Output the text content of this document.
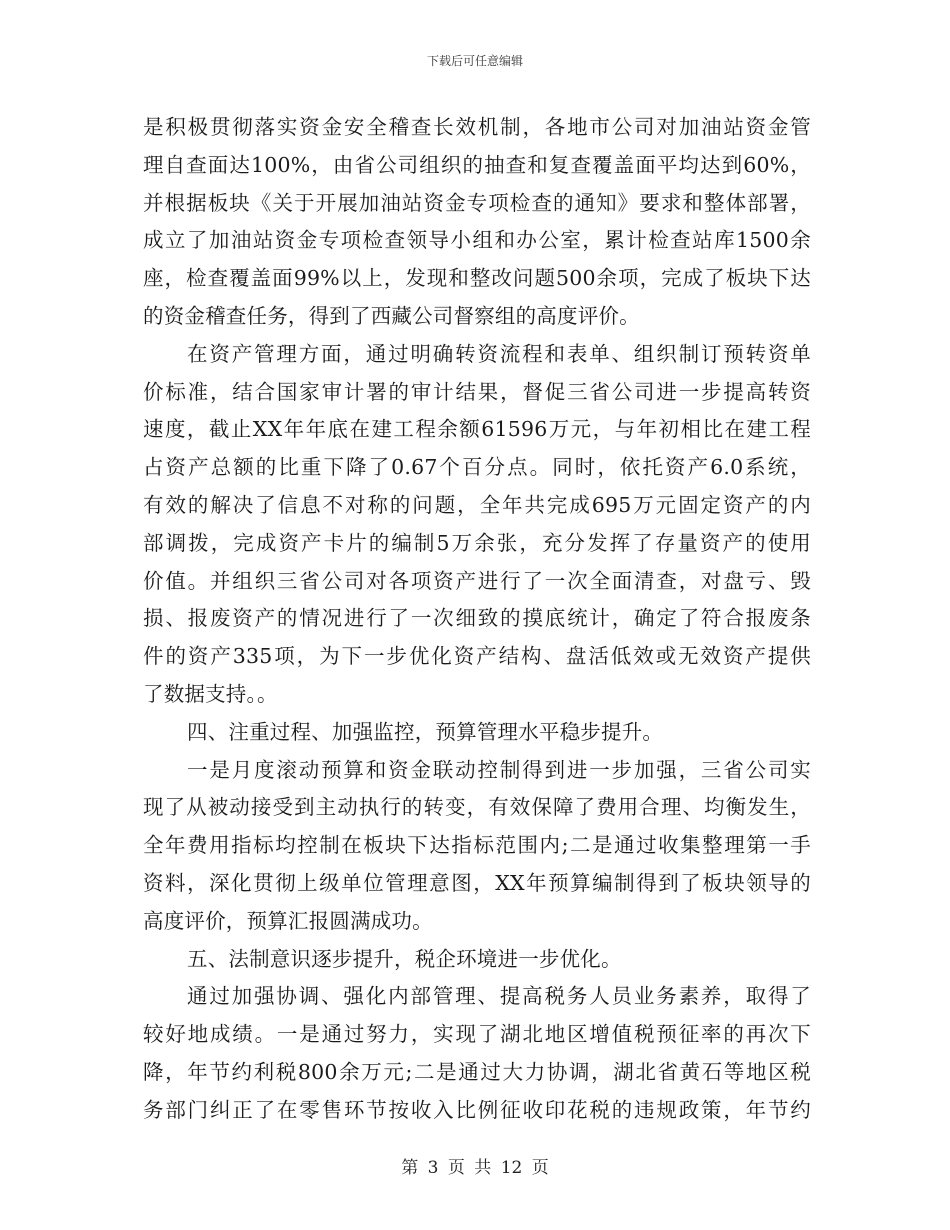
下载后可任意编辑
是积极贯彻落实资金安全稽查长效机制，各地市公司对加油站资金管
理自查面达100%，由省公司组织的抽查和复查覆盖面平均达到60%，
并根据板块《关于开展加油站资金专项检查的通知》要求和整体部署，
成立了加油站资金专项检查领导小组和办公室，累计检查站库1500余
座，检查覆盖面99%以上，发现和整改问题500余项，完成了板块下达
的资金稽查任务，得到了西藏公司督察组的高度评价。
在资产管理方面，通过明确转资流程和表单、组织制订预转资单
价标准，结合国家审计署的审计结果，督促三省公司进一步提高转资
速度，截止XX年年底在建工程余额61596万元，与年初相比在建工程
占资产总额的比重下降了0.67个百分点。同时，依托资产6.0系统，
有效的解决了信息不对称的问题，全年共完成695万元固定资产的内
部调拨，完成资产卡片的编制5万余张，充分发挥了存量资产的使用
价值。并组织三省公司对各项资产进行了一次全面清查，对盘亏、毁
损、报废资产的情况进行了一次细致的摸底统计，确定了符合报废条
件的资产335项，为下一步优化资产结构、盘活低效或无效资产提供
了数据支持。。
四、注重过程、加强监控，预算管理水平稳步提升。
一是月度滚动预算和资金联动控制得到进一步加强，三省公司实
现了从被动接受到主动执行的转变，有效保障了费用合理、均衡发生，
全年费用指标均控制在板块下达指标范围内;二是通过收集整理第一手
资料，深化贯彻上级单位管理意图，XX年预算编制得到了板块领导的
高度评价，预算汇报圆满成功。
五、法制意识逐步提升，税企环境进一步优化。
通过加强协调、强化内部管理、提高税务人员业务素养，取得了
较好地成绩。一是通过努力，实现了湖北地区增值税预征率的再次下
降，年节约利税800余万元;二是通过大力协调，湖北省黄石等地区税
务部门纠正了在零售环节按收入比例征收印花税的违规政策，年节约
第 3 页 共 12 页
